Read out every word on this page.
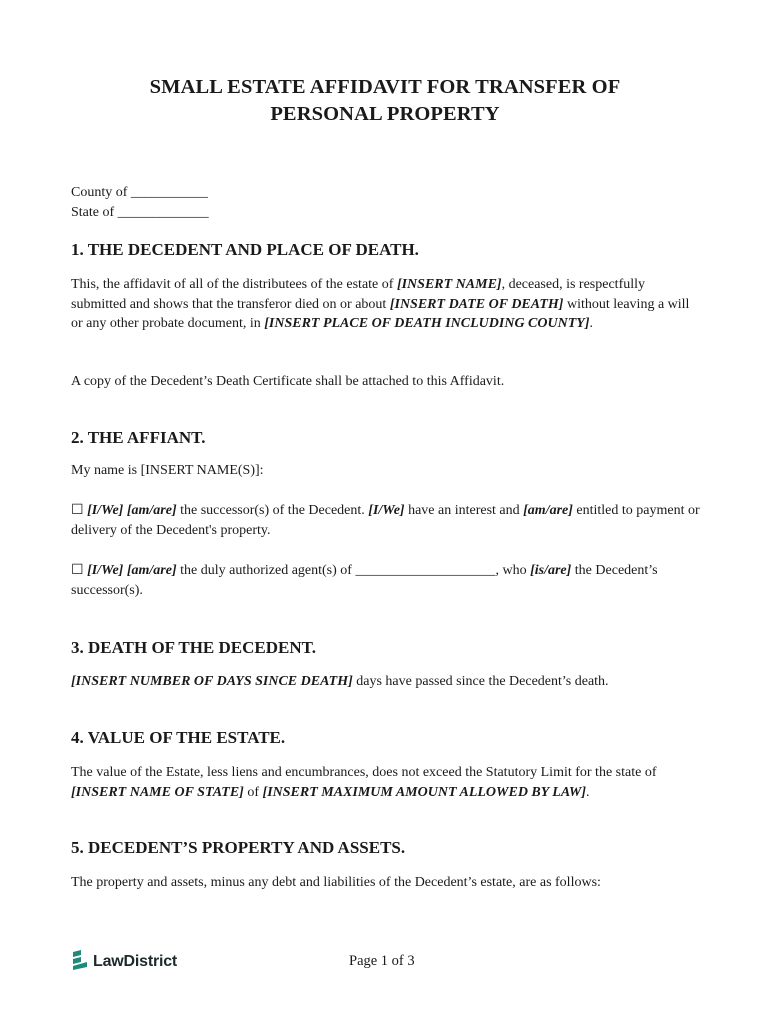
SMALL ESTATE AFFIDAVIT FOR TRANSFER OF
PERSONAL PROPERTY
County of ___________
State of _____________
1. THE DECEDENT AND PLACE OF DEATH.

This, the affidavit of all of the distributees of the estate of [INSERT NAME], deceased, is respectfully submitted and shows that the transferor died on or about [INSERT DATE OF DEATH] without leaving a will or any other probate document, in [INSERT PLACE OF DEATH INCLUDING COUNTY].

A copy of the Decedent’s Death Certificate shall be attached to this Affidavit.

2. THE AFFIANT.

My name is [INSERT NAME(S)]:

☐ [I/We] [am/are] the successor(s) of the Decedent. [I/We] have an interest and [am/are] entitled to payment or delivery of the Decedent's property.

☐ [I/We] [am/are] the duly authorized agent(s) of ____________________, who [is/are] the Decedent’s successor(s).

3. DEATH OF THE DECEDENT.

[INSERT NUMBER OF DAYS SINCE DEATH] days have passed since the Decedent’s death.

4. VALUE OF THE ESTATE.

The value of the Estate, less liens and encumbrances, does not exceed the Statutory Limit for the state of [INSERT NAME OF STATE] of [INSERT MAXIMUM AMOUNT ALLOWED BY LAW].

5. DECEDENT’S PROPERTY AND ASSETS.

The property and assets, minus any debt and liabilities of the Decedent’s estate, are as follows:

LawDistrict	Page 1 of 3
